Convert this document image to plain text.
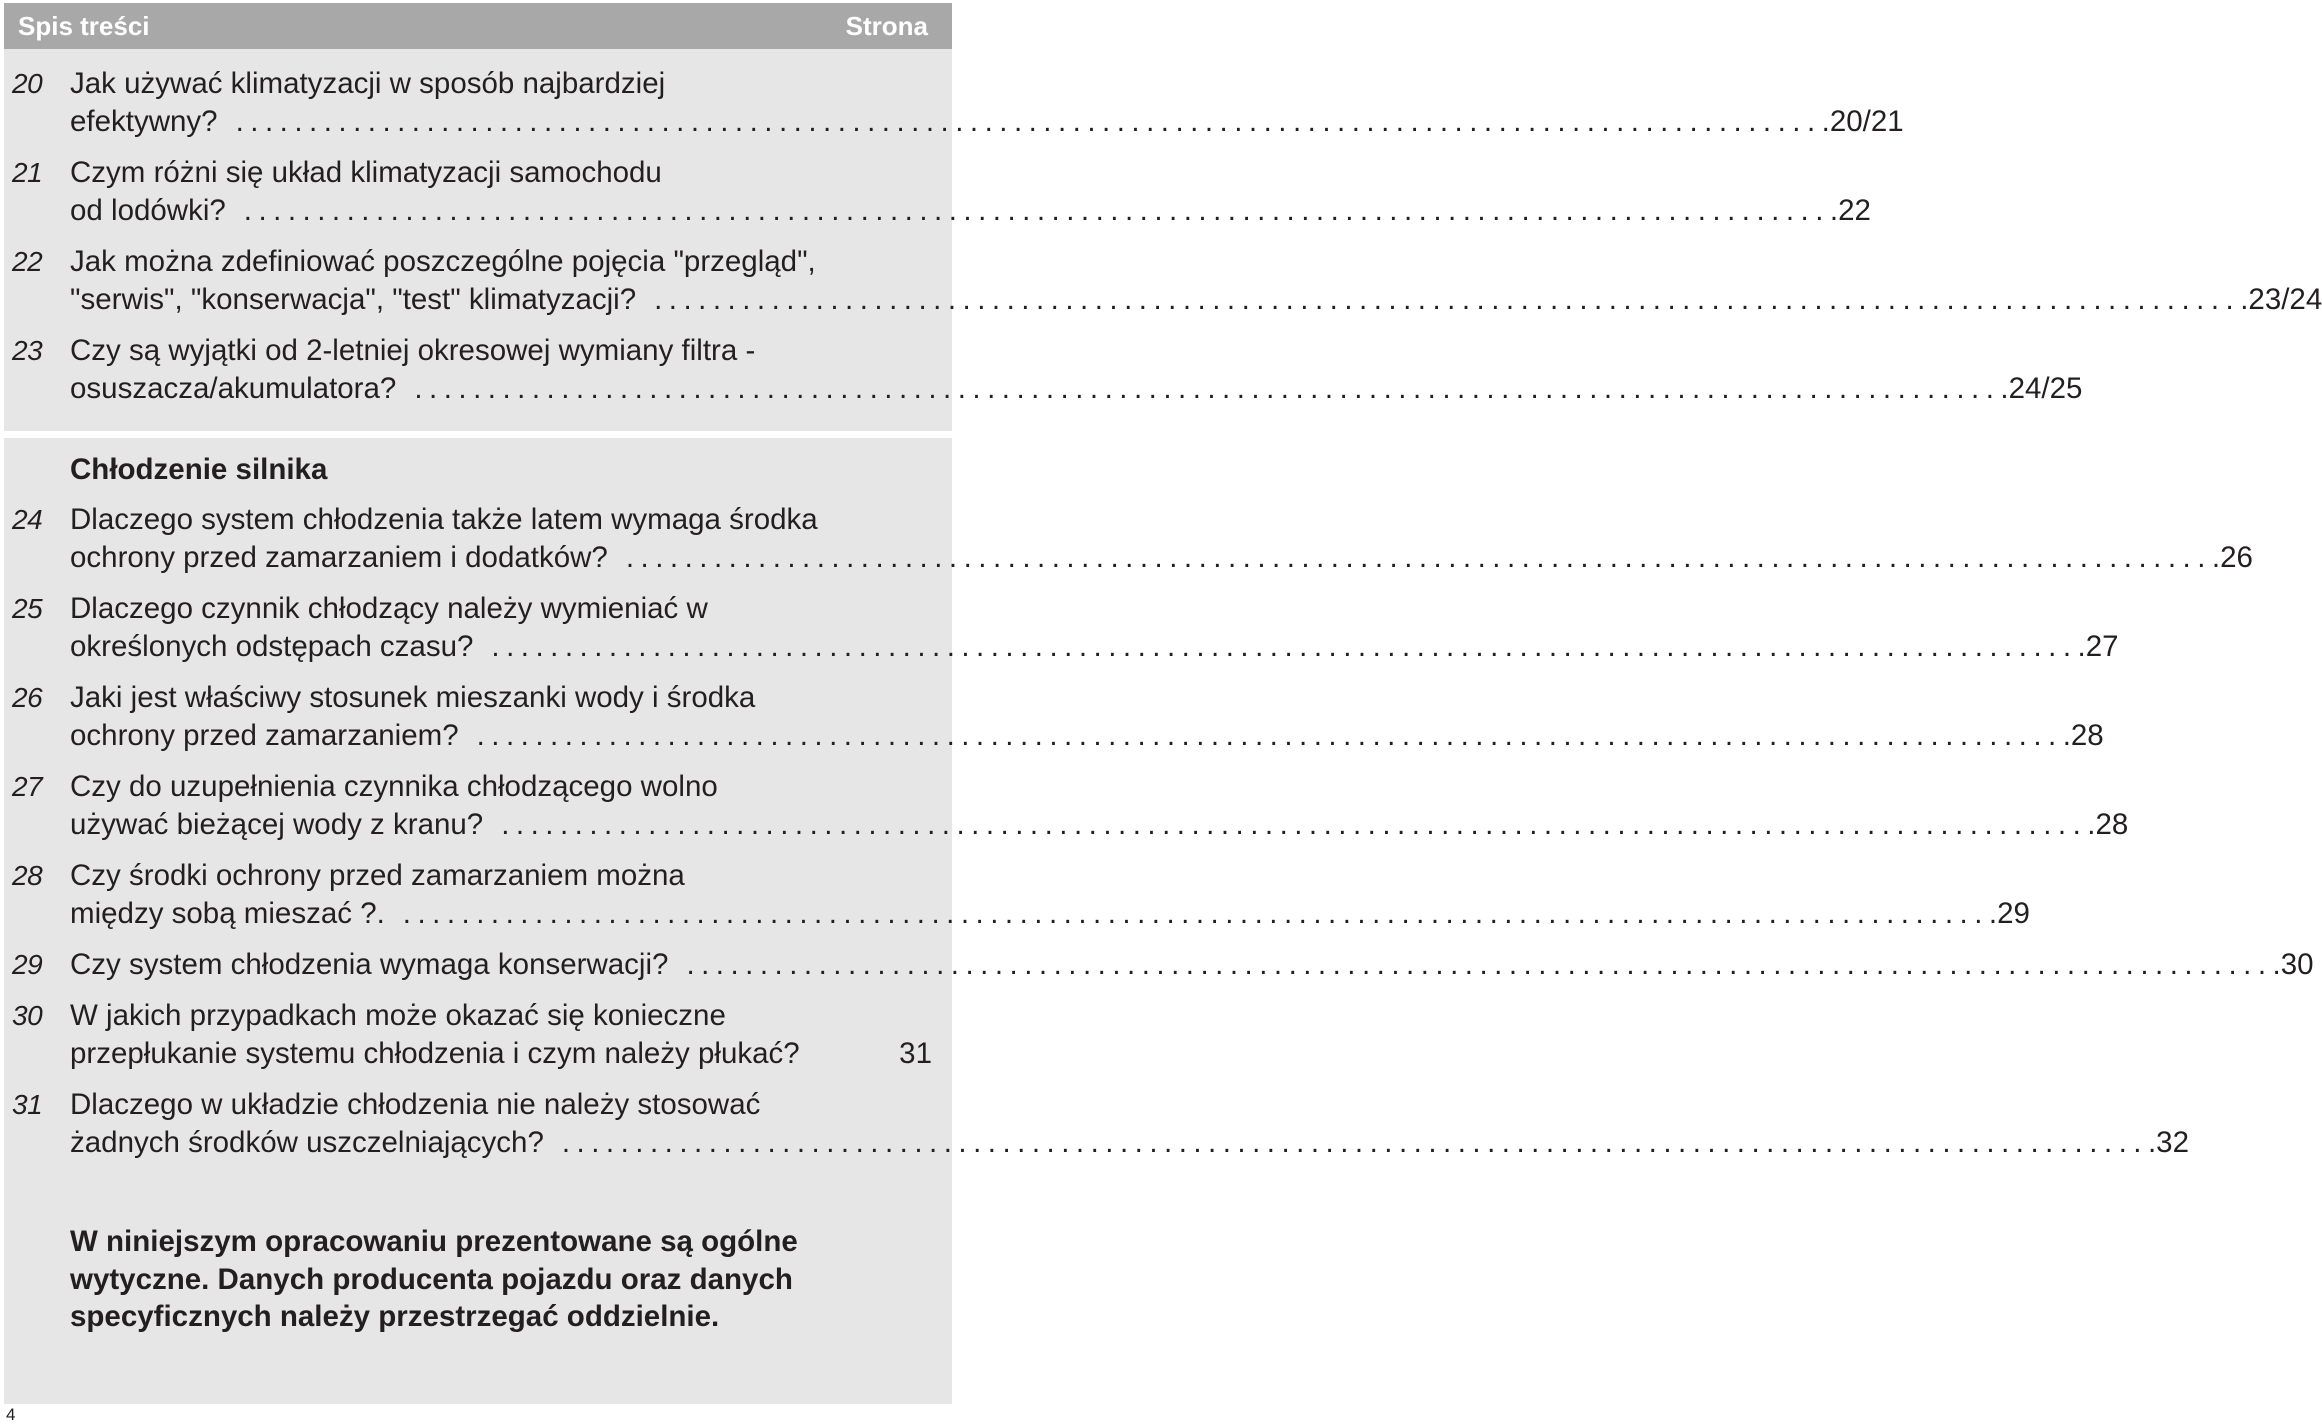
Spis treści	Strona
20 Jak używać klimatyzacji w sposób najbardziej
efektywny? ............................................................................................................ .20/21
21 Czym różni się układ klimatyzacji samochodu
od lodówki? ............................................................................................................ .22
22 Jak można zdefiniować poszczególne pojęcia "przegląd",
"serwis", "konserwacja", "test" klimatyzacji? ............................................................................................................ .23/24
23 Czy są wyjątki od 2-letniej okresowej wymiany filtra -
osuszacza/akumulatora? ............................................................................................................ .24/25
Chłodzenie silnika
24 Dlaczego system chłodzenia także latem wymaga środka
ochrony przed zamarzaniem i dodatków? ............................................................................................................ .26
25 Dlaczego czynnik chłodzący należy wymieniać w
określonych odstępach czasu? ............................................................................................................ .27
26 Jaki jest właściwy stosunek mieszanki wody i środka
ochrony przed zamarzaniem? ............................................................................................................ .28
27 Czy do uzupełnienia czynnika chłodzącego wolno
używać bieżącej wody z kranu? ............................................................................................................ .28
28 Czy środki ochrony przed zamarzaniem można
między sobą mieszać ?. ............................................................................................................ .29
29 Czy system chłodzenia wymaga konserwacji? ............................................................................................................ .30
30 W jakich przypadkach może okazać się konieczne
przepłukanie systemu chłodzenia i czym należy płukać?	31
31 Dlaczego w układzie chłodzenia nie należy stosować
żadnych środków uszczelniających? ............................................................................................................ .32
W niniejszym opracowaniu prezentowane są ogólne
wytyczne. Danych producenta pojazdu oraz danych
specyficznych należy przestrzegać oddzielnie.
4
